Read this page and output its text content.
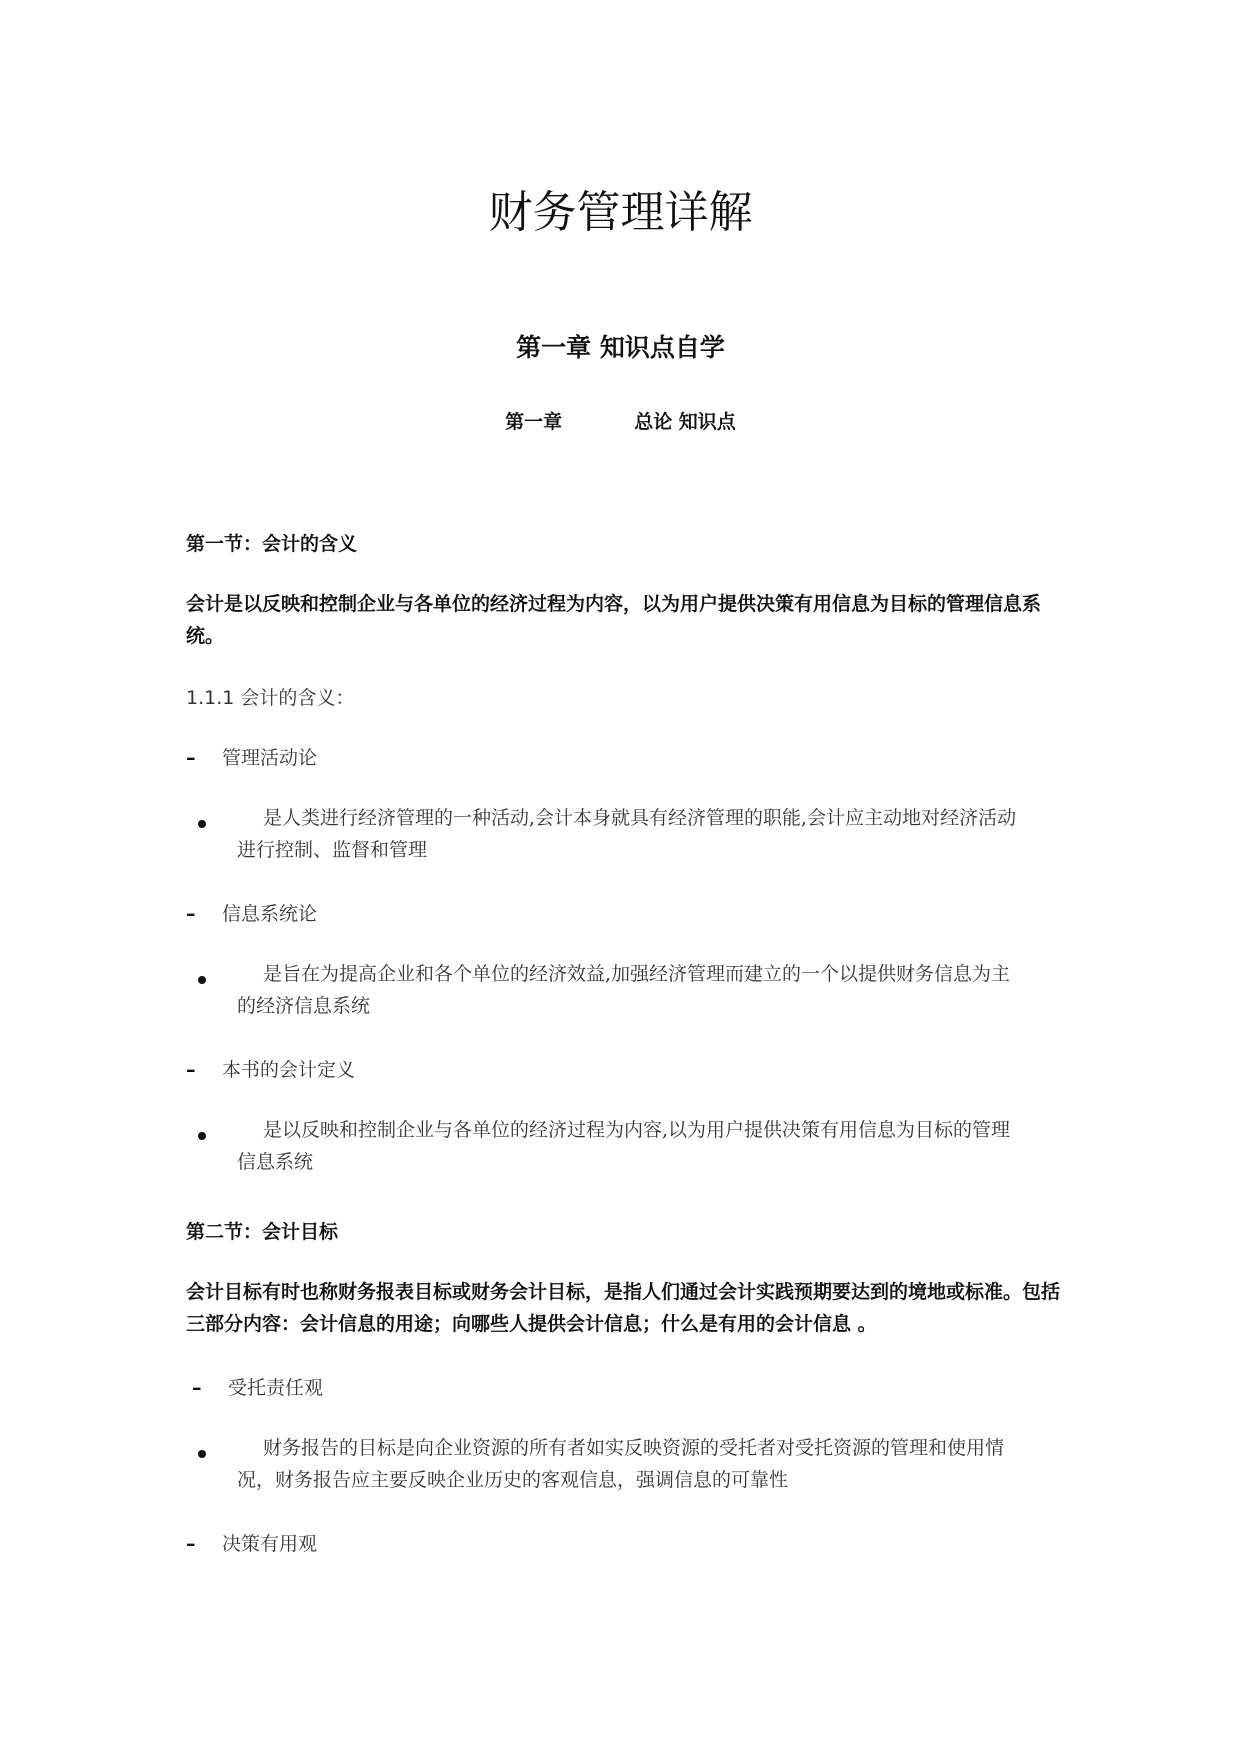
财务管理详解
第一章 知识点自学
第一章	总论 知识点
第一节：会计的含义
会计是以反映和控制企业与各单位的经济过程为内容，以为用户提供决策有用信息为目标的管理信息系统。
1.1.1 会计的含义：
– 管理活动论
是人类进行经济管理的一种活动,会计本身就具有经济管理的职能,会计应主动地对经济活动进行控制、监督和管理
– 信息系统论
是旨在为提高企业和各个单位的经济效益,加强经济管理而建立的一个以提供财务信息为主的经济信息系统
– 本书的会计定义
是以反映和控制企业与各单位的经济过程为内容,以为用户提供决策有用信息为目标的管理信息系统
第二节：会计目标
会计目标有时也称财务报表目标或财务会计目标，是指人们通过会计实践预期要达到的境地或标准。包括三部分内容：会计信息的用途；向哪些人提供会计信息；什么是有用的会计信息 。
– 受托责任观
财务报告的目标是向企业资源的所有者如实反映资源的受托者对受托资源的管理和使用情况，财务报告应主要反映企业历史的客观信息，强调信息的可靠性
– 决策有用观
